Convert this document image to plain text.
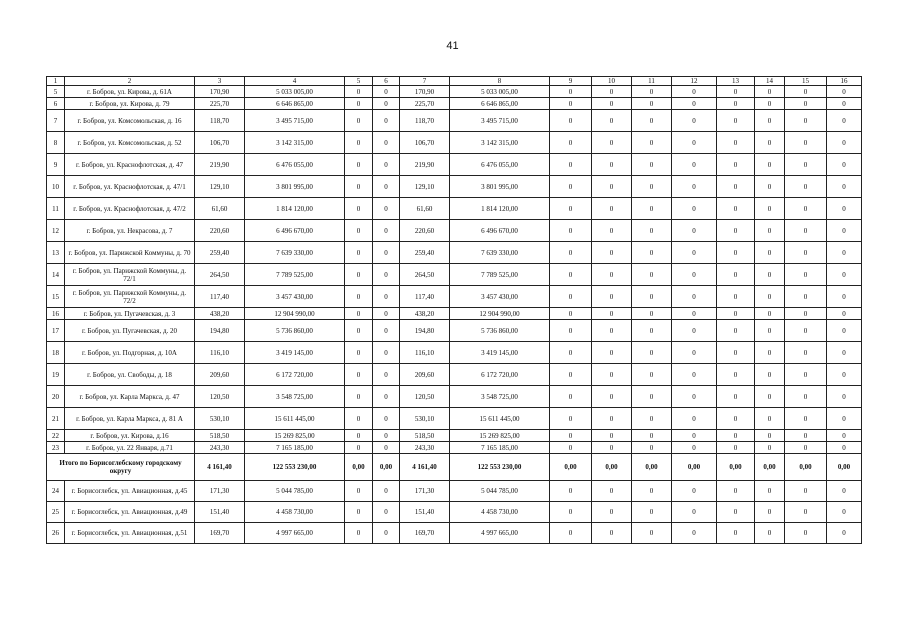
41
1	2	3	4	5	6	7	8	9	10	11	12	13	14	15	16
5	г. Бобров, ул. Кирова, д. 61А	170,90	5 033 005,00	0	0	170,90	5 033 005,00	0	0	0	0	0	0	0	0
6	г. Бобров, ул. Кирова, д. 79	225,70	6 646 865,00	0	0	225,70	6 646 865,00	0	0	0	0	0	0	0	0
7	г. Бобров, ул. Комсомольская, д. 16	118,70	3 495 715,00	0	0	118,70	3 495 715,00	0	0	0	0	0	0	0	0
8	г. Бобров, ул. Комсомольская, д. 52	106,70	3 142 315,00	0	0	106,70	3 142 315,00	0	0	0	0	0	0	0	0
9	г. Бобров, ул. Краснофлотская, д. 47	219,90	6 476 055,00	0	0	219,90	6 476 055,00	0	0	0	0	0	0	0	0
10	г. Бобров, ул. Краснофлотская, д. 47/1	129,10	3 801 995,00	0	0	129,10	3 801 995,00	0	0	0	0	0	0	0	0
11	г. Бобров, ул. Краснофлотская, д. 47/2	61,60	1 814 120,00	0	0	61,60	1 814 120,00	0	0	0	0	0	0	0	0
12	г. Бобров, ул. Некрасова, д. 7	220,60	6 496 670,00	0	0	220,60	6 496 670,00	0	0	0	0	0	0	0	0
13	г. Бобров, ул. Парижской Коммуны, д. 70	259,40	7 639 330,00	0	0	259,40	7 639 330,00	0	0	0	0	0	0	0	0
14	г. Бобров, ул. Парижской Коммуны, д. 72/1	264,50	7 789 525,00	0	0	264,50	7 789 525,00	0	0	0	0	0	0	0	0
15	г. Бобров, ул. Парижской Коммуны, д. 72/2	117,40	3 457 430,00	0	0	117,40	3 457 430,00	0	0	0	0	0	0	0	0
16	г. Бобров, ул. Пугачевская, д. 3	438,20	12 904 990,00	0	0	438,20	12 904 990,00	0	0	0	0	0	0	0	0
17	г. Бобров, ул. Пугачевская, д. 20	194,80	5 736 860,00	0	0	194,80	5 736 860,00	0	0	0	0	0	0	0	0
18	г. Бобров, ул. Подгорная, д. 10А	116,10	3 419 145,00	0	0	116,10	3 419 145,00	0	0	0	0	0	0	0	0
19	г. Бобров, ул. Свободы, д. 18	209,60	6 172 720,00	0	0	209,60	6 172 720,00	0	0	0	0	0	0	0	0
20	г. Бобров, ул. Карла Маркса, д. 47	120,50	3 548 725,00	0	0	120,50	3 548 725,00	0	0	0	0	0	0	0	0
21	г. Бобров, ул. Карла Маркса, д. 81 А	530,10	15 611 445,00	0	0	530,10	15 611 445,00	0	0	0	0	0	0	0	0
22	г. Бобров, ул. Кирова, д.16	518,50	15 269 825,00	0	0	518,50	15 269 825,00	0	0	0	0	0	0	0	0
23	г. Бобров, ул. 22 Января, д.71	243,30	7 165 185,00	0	0	243,30	7 165 185,00	0	0	0	0	0	0	0	0
Итого по Борисоглебскому городскому округу		4 161,40	122 553 230,00	0,00	0,00	4 161,40	122 553 230,00	0,00	0,00	0,00	0,00	0,00	0,00	0,00	0,00
24	г. Борисоглебск, ул. Авиационная, д.45	171,30	5 044 785,00	0	0	171,30	5 044 785,00	0	0	0	0	0	0	0	0
25	г. Борисоглебск, ул. Авиационная, д.49	151,40	4 458 730,00	0	0	151,40	4 458 730,00	0	0	0	0	0	0	0	0
26	г. Борисоглебск, ул. Авиационная, д.51	169,70	4 997 665,00	0	0	169,70	4 997 665,00	0	0	0	0	0	0	0	0
